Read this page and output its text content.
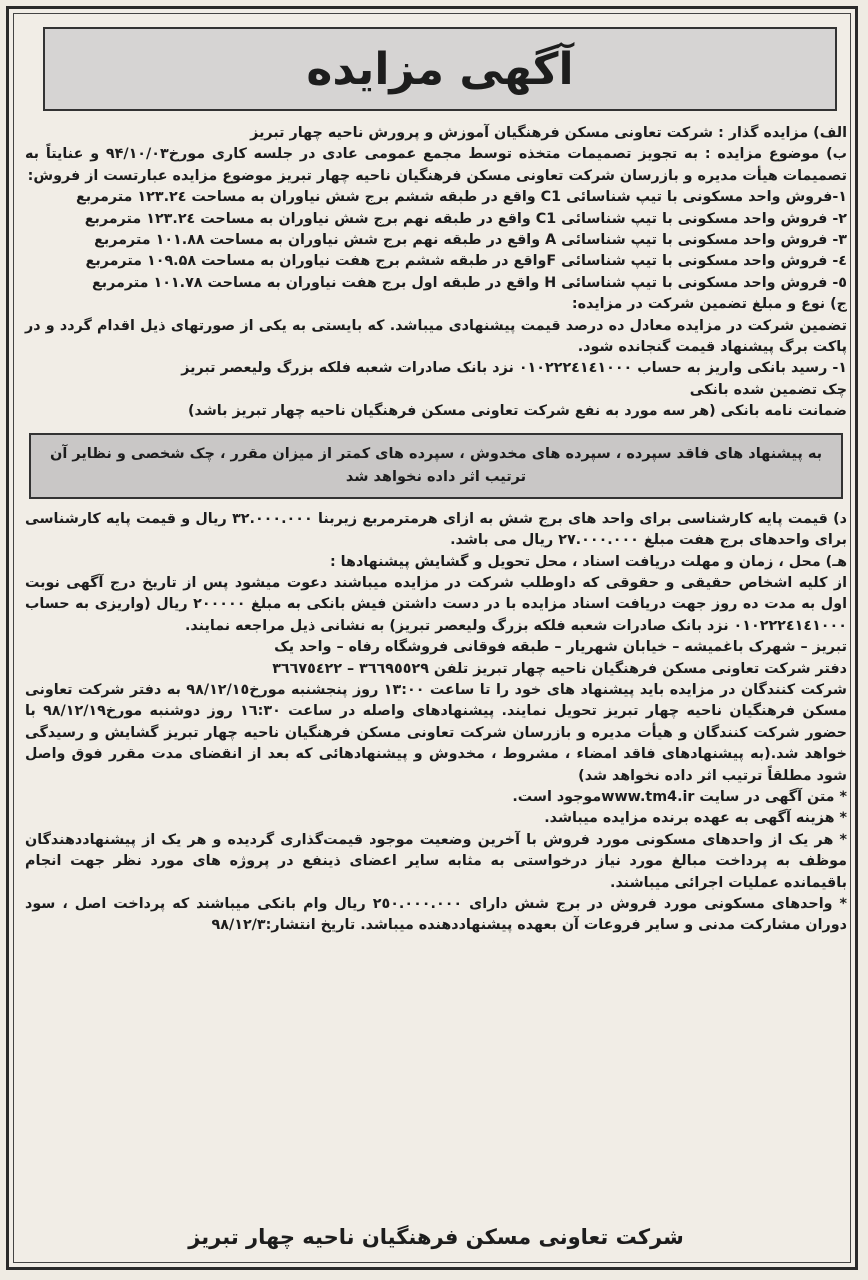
آگهی مزایده

الف) مزایده گذار : شرکت تعاونی مسکن فرهنگیان آموزش و پرورش ناحیه چهار تبریز

ب) موضوع مزایده : به تجویز تصمیمات متخذه توسط مجمع عمومی عادی در جلسه کاری مورخ۹۴/۱۰/۰۳ و عنایتاً به تصمیمات هیأت مدیره و بازرسان شرکت تعاونی مسکن فرهنگیان ناحیه چهار تبریز موضوع مزایده عبارتست از فروش:

۱-فروش واحد مسکونی با تیپ شناسائی C1 واقع در طبقه ششم برج شش نیاوران به مساحت ۱۲۳.۲٤ مترمربع

۲- فروش واحد مسکونی با تیپ شناسائی C1 واقع در طبقه نهم برج شش نیاوران به مساحت ۱۲۳.۲٤ مترمربع

۳- فروش واحد مسکونی با تیپ شناسائی A واقع در طبقه نهم برج شش نیاوران به مساحت ۱۰۱.۸۸ مترمربع

٤- فروش واحد مسکونی با تیپ شناسائی Fواقع در طبقه ششم برج هفت نیاوران به مساحت ۱۰۹.۵۸ مترمربع

٥- فروش واحد مسکونی با تیپ شناسائی H واقع در طبقه اول برج هفت نیاوران به مساحت ۱۰۱.۷۸ مترمربع

ج) نوع و مبلغ تضمین شرکت در مزایده:

تضمین شرکت در مزایده معادل ده درصد قیمت پیشنهادی میباشد. که بایستی به یکی از صورتهای ذیل اقدام گردد و در پاکت برگ پیشنهاد قیمت گنجانده شود.

۱- رسید بانکی واریز به حساب ۰۱۰۲۲۲٤۱٤۱۰۰۰ نزد بانک صادرات شعبه فلکه بزرگ ولیعصر تبریز

چک تضمین شده بانکی

ضمانت نامه بانکی (هر سه مورد به نفع شرکت تعاونی مسکن فرهنگیان ناحیه چهار تبریز باشد)

به پیشنهاد های فاقد سپرده ، سپرده های مخدوش ، سپرده های کمتر از میزان مقرر ، چک شخصی و نظایر آن ترتیب اثر داده نخواهد شد

د) قیمت پایه کارشناسی برای واحد های برج شش به ازای هرمترمربع زیربنا ۳۲.۰۰۰.۰۰۰ ریال و قیمت پایه کارشناسی برای واحدهای برج هفت مبلغ ۲۷.۰۰۰.۰۰۰ ریال می باشد.

هـ) محل ، زمان و مهلت دریافت اسناد ، محل تحویل و گشایش پیشنهادها :

از کلیه اشخاص حقیقی و حقوقی که داوطلب شرکت در مزایده میباشند دعوت میشود پس از تاریخ درج آگهی نوبت اول به مدت ده روز جهت دریافت اسناد مزایده با در دست داشتن فیش بانکی به مبلغ ۲۰۰۰۰۰ ریال (واریزی به حساب ۰۱۰۲۲۲٤۱٤۱۰۰۰ نزد بانک صادرات شعبه فلکه بزرگ ولیعصر تبریز) به نشانی ذیل مراجعه نمایند.

تبریز – شهرک باغمیشه – خیابان شهریار – طبقه فوقانی فروشگاه رفاه – واحد یک

دفتر شرکت تعاونی مسکن فرهنگیان ناحیه چهار تبریز تلفن ۳٦٦۹٥٥۲۹ – ۳٦٦۷٥٤۲۲

شرکت کنندگان در مزایده باید پیشنهاد های خود را تا ساعت ۱۳:۰۰ روز پنجشنبه مورخ۹۸/۱۲/۱٥ به دفتر شرکت تعاونی مسکن فرهنگیان ناحیه چهار تبریز تحویل نمایند. پیشنهادهای واصله در ساعت ۱٦:۳۰ روز دوشنبه مورخ۹۸/۱۲/۱۹ با حضور شرکت کنندگان و هیأت مدیره و بازرسان شرکت تعاونی مسکن فرهنگیان ناحیه چهار تبریز گشایش و رسیدگی خواهد شد.(به پیشنهادهای فاقد امضاء ، مشروط ، مخدوش و پیشنهادهائی که بعد از انقضای مدت مقرر فوق واصل شود مطلقاً ترتیب اثر داده نخواهد شد)

* متن آگهی در سایت www.tm4.irموجود است.

* هزینه آگهی به عهده برنده مزایده میباشد.

* هر یک از واحدهای مسکونی مورد فروش با آخرین وضعیت موجود قیمت‌گذاری گردیده و هر یک از پیشنهاددهندگان موظف به پرداخت مبالغ مورد نیاز درخواستی به مثابه سایر اعضای ذینفع در پروژه های مورد نظر جهت انجام باقیمانده عملیات اجرائی میباشند.

* واحدهای مسکونی مورد فروش در برج شش دارای ۲٥۰.۰۰۰.۰۰۰ ریال وام بانکی میباشند که پرداخت اصل ، سود دوران مشارکت مدنی و سایر فروعات آن بعهده پیشنهاددهنده میباشد. تاریخ انتشار:۹۸/۱۲/۳

شرکت تعاونی مسکن فرهنگیان ناحیه چهار تبریز
